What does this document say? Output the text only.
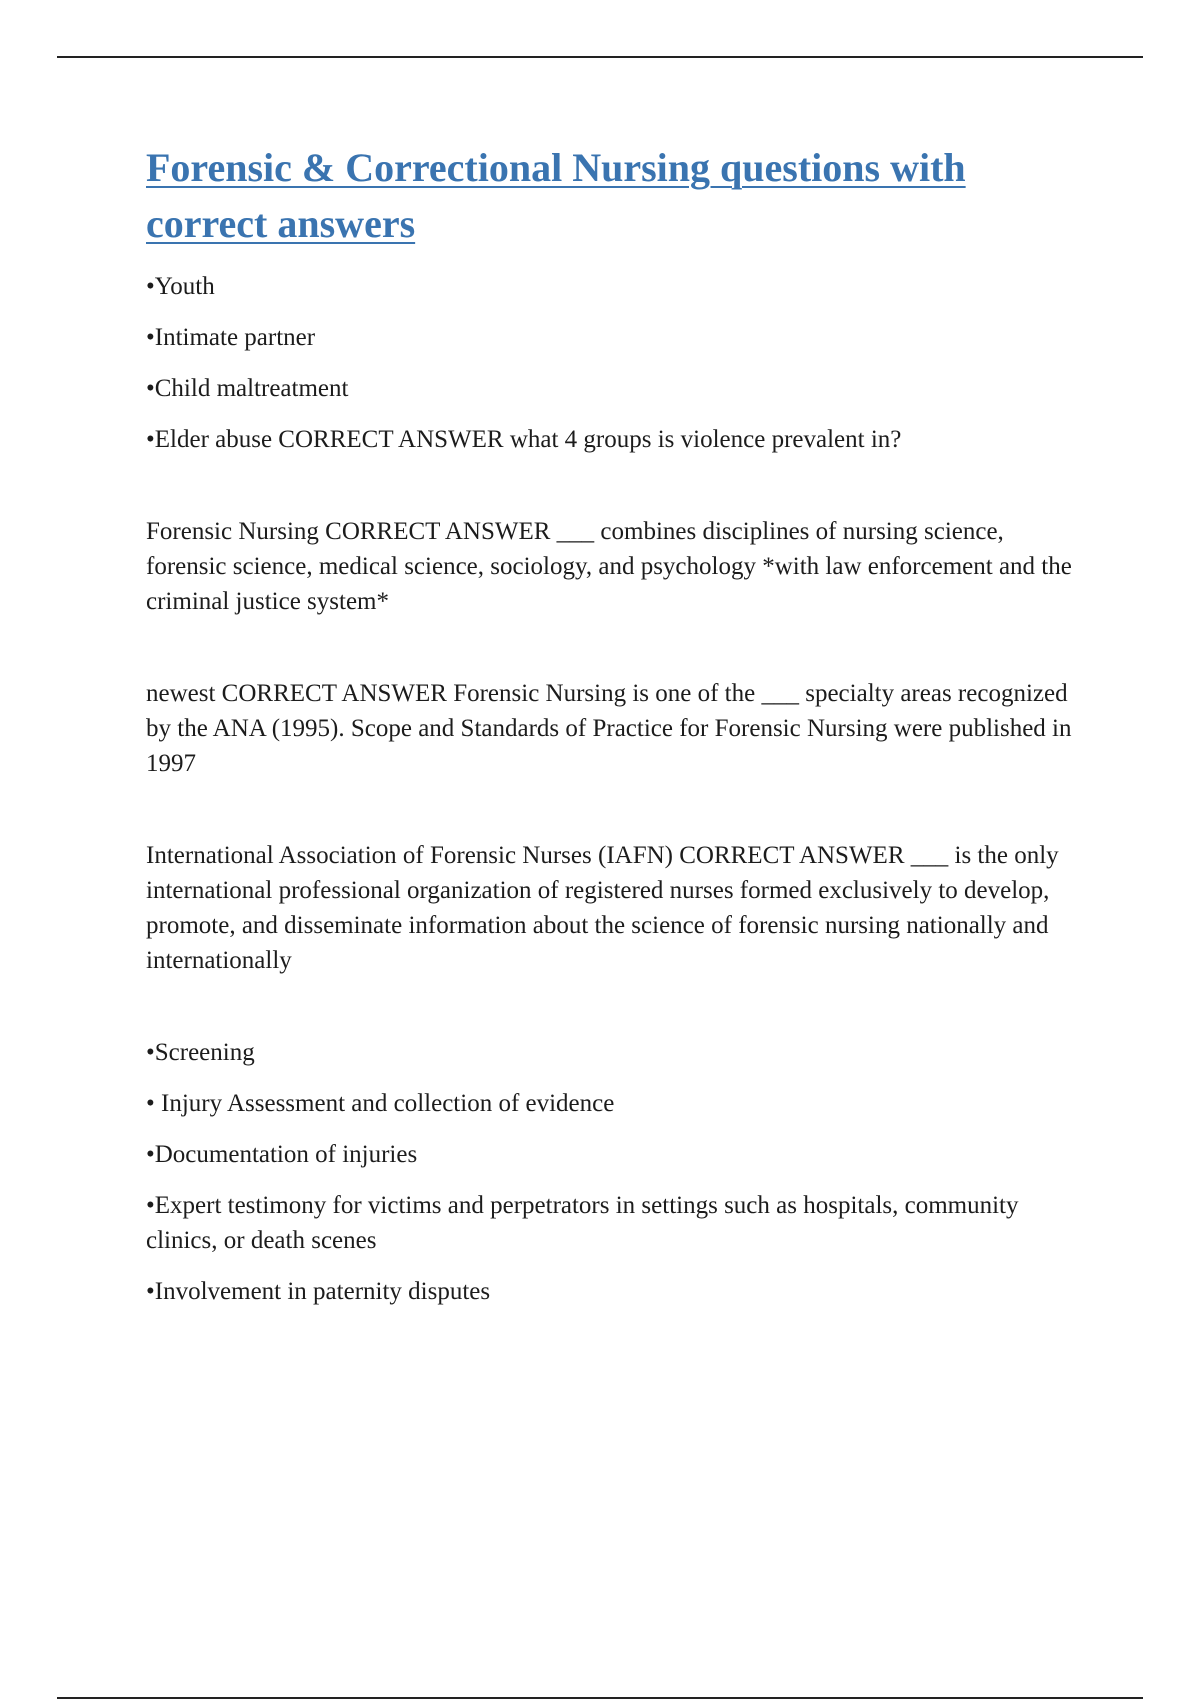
Forensic & Correctional Nursing questions with correct answers

•Youth

•Intimate partner

•Child maltreatment

•Elder abuse CORRECT ANSWER what 4 groups is violence prevalent in?

Forensic Nursing CORRECT ANSWER ___ combines disciplines of nursing science, forensic science, medical science, sociology, and psychology *with law enforcement and the criminal justice system*

newest CORRECT ANSWER Forensic Nursing is one of the ___ specialty areas recognized by the ANA (1995). Scope and Standards of Practice for Forensic Nursing were published in 1997

International Association of Forensic Nurses (IAFN) CORRECT ANSWER ___ is the only international professional organization of registered nurses formed exclusively to develop, promote, and disseminate information about the science of forensic nursing nationally and internationally

•Screening

• Injury Assessment and collection of evidence

•Documentation of injuries

•Expert testimony for victims and perpetrators in settings such as hospitals, community clinics, or death scenes

•Involvement in paternity disputes
